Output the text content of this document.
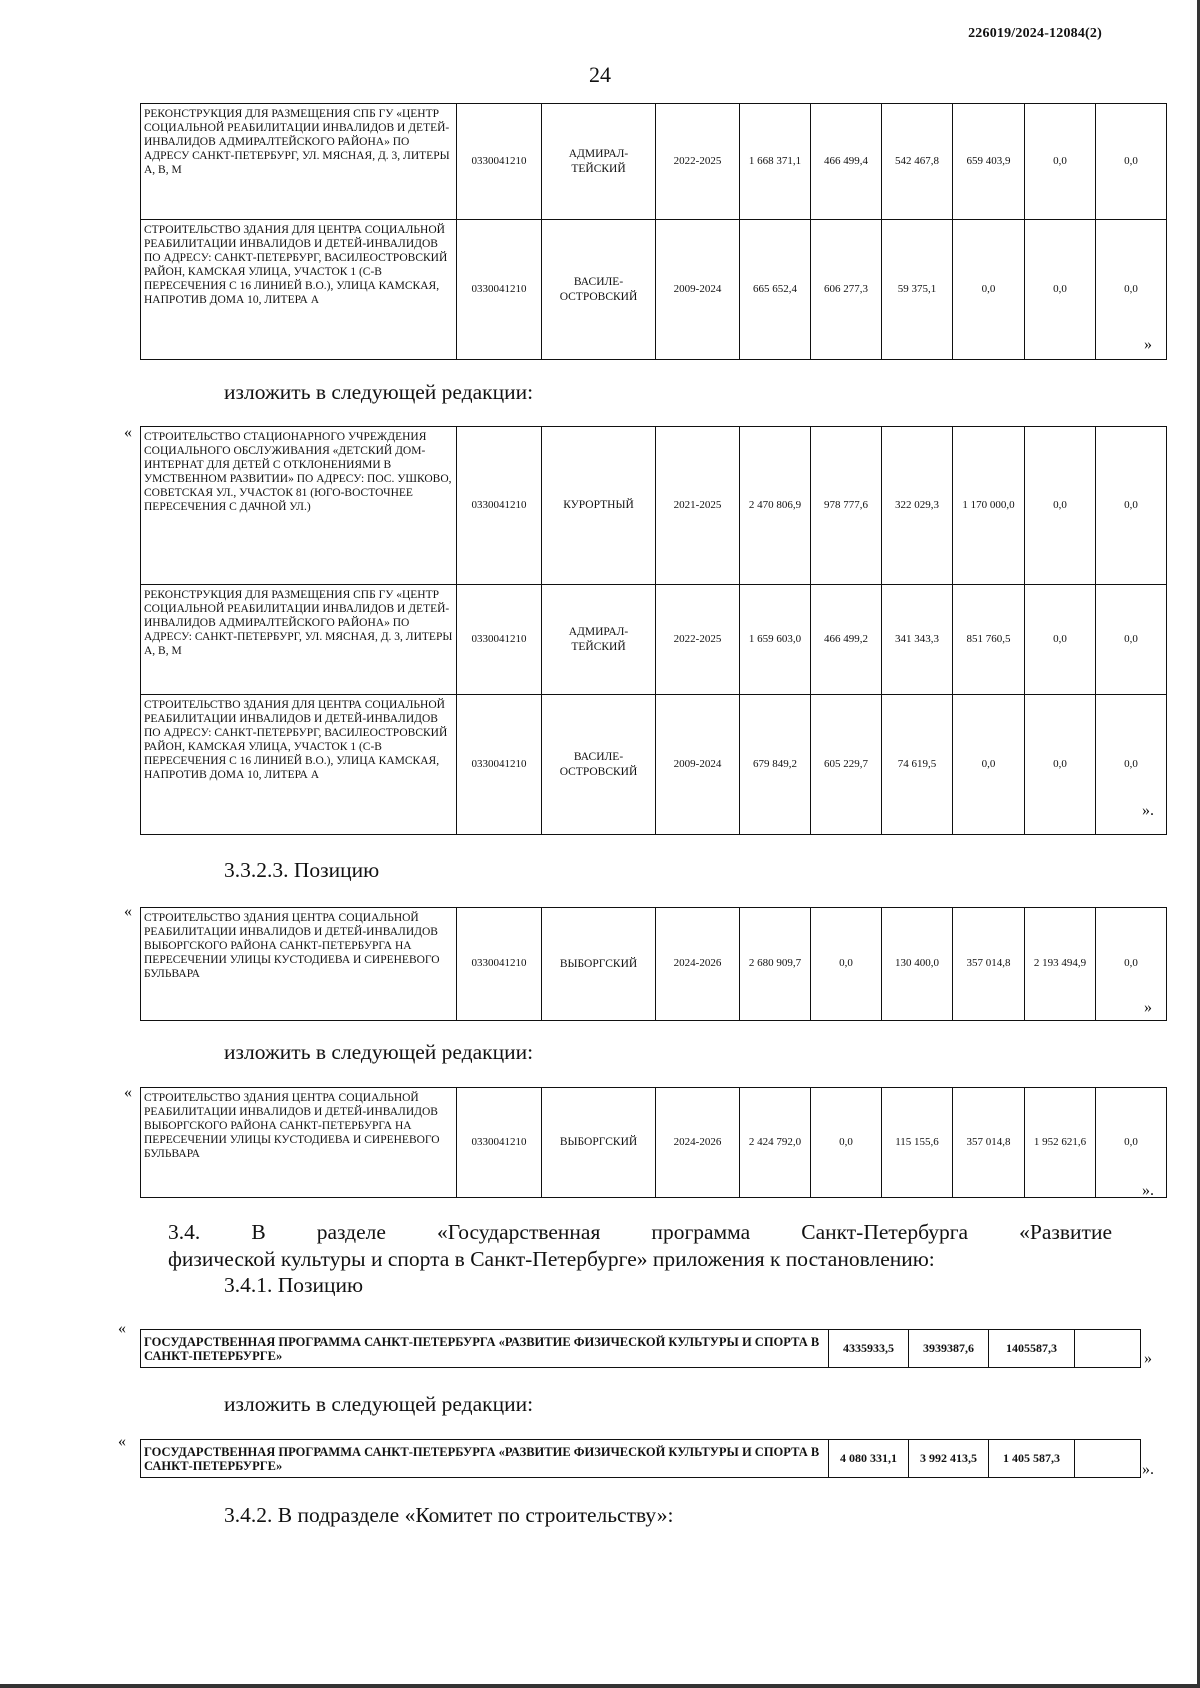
226019/2024-12084(2)
24
РЕКОНСТРУКЦИЯ ДЛЯ РАЗМЕЩЕНИЯ СПБ ГУ «ЦЕНТР СОЦИАЛЬНОЙ РЕАБИЛИТАЦИИ ИНВАЛИДОВ И ДЕТЕЙ-ИНВАЛИДОВ АДМИРАЛТЕЙСКОГО РАЙОНА» ПО АДРЕСУ САНКТ-ПЕТЕРБУРГ, УЛ. МЯСНАЯ, Д. 3, ЛИТЕРЫ А, В, М	0330041210	АДМИРАЛ-ТЕЙСКИЙ	2022-2025	1 668 371,1	466 499,4	542 467,8	659 403,9	0,0	0,0
СТРОИТЕЛЬСТВО ЗДАНИЯ ДЛЯ ЦЕНТРА СОЦИАЛЬНОЙ РЕАБИЛИТАЦИИ ИНВАЛИДОВ И ДЕТЕЙ-ИНВАЛИДОВ ПО АДРЕСУ: САНКТ-ПЕТЕРБУРГ, ВАСИЛЕОСТРОВСКИЙ РАЙОН, КАМСКАЯ УЛИЦА, УЧАСТОК 1 (С-В ПЕРЕСЕЧЕНИЯ С 16 ЛИНИЕЙ В.О.), УЛИЦА КАМСКАЯ, НАПРОТИВ ДОМА 10, ЛИТЕРА А	0330041210	ВАСИЛЕ-ОСТРОВСКИЙ	2009-2024	665 652,4	606 277,3	59 375,1	0,0	0,0	0,0
»
изложить в следующей редакции:
« СТРОИТЕЛЬСТВО СТАЦИОНАРНОГО УЧРЕЖДЕНИЯ СОЦИАЛЬНОГО ОБСЛУЖИВАНИЯ «ДЕТСКИЙ ДОМ-ИНТЕРНАТ ДЛЯ ДЕТЕЙ С ОТКЛОНЕНИЯМИ В УМСТВЕННОМ РАЗВИТИИ» ПО АДРЕСУ: ПОС. УШКОВО, СОВЕТСКАЯ УЛ., УЧАСТОК 81 (ЮГО-ВОСТОЧНЕЕ ПЕРЕСЕЧЕНИЯ С ДАЧНОЙ УЛ.)	0330041210	КУРОРТНЫЙ	2021-2025	2 470 806,9	978 777,6	322 029,3	1 170 000,0	0,0	0,0
РЕКОНСТРУКЦИЯ ДЛЯ РАЗМЕЩЕНИЯ СПБ ГУ «ЦЕНТР СОЦИАЛЬНОЙ РЕАБИЛИТАЦИИ ИНВАЛИДОВ И ДЕТЕЙ-ИНВАЛИДОВ АДМИРАЛТЕЙСКОГО РАЙОНА» ПО АДРЕСУ: САНКТ-ПЕТЕРБУРГ, УЛ. МЯСНАЯ, Д. 3, ЛИТЕРЫ А, В, М	0330041210	АДМИРАЛ-ТЕЙСКИЙ	2022-2025	1 659 603,0	466 499,2	341 343,3	851 760,5	0,0	0,0
СТРОИТЕЛЬСТВО ЗДАНИЯ ДЛЯ ЦЕНТРА СОЦИАЛЬНОЙ РЕАБИЛИТАЦИИ ИНВАЛИДОВ И ДЕТЕЙ-ИНВАЛИДОВ ПО АДРЕСУ: САНКТ-ПЕТЕРБУРГ, ВАСИЛЕОСТРОВСКИЙ РАЙОН, КАМСКАЯ УЛИЦА, УЧАСТОК 1 (С-В ПЕРЕСЕЧЕНИЯ С 16 ЛИНИЕЙ В.О.), УЛИЦА КАМСКАЯ, НАПРОТИВ ДОМА 10, ЛИТЕРА А	0330041210	ВАСИЛЕ-ОСТРОВСКИЙ	2009-2024	679 849,2	605 229,7	74 619,5	0,0	0,0	0,0
».
3.3.2.3. Позицию
« СТРОИТЕЛЬСТВО ЗДАНИЯ ЦЕНТРА СОЦИАЛЬНОЙ РЕАБИЛИТАЦИИ ИНВАЛИДОВ И ДЕТЕЙ-ИНВАЛИДОВ ВЫБОРГСКОГО РАЙОНА САНКТ-ПЕТЕРБУРГА НА ПЕРЕСЕЧЕНИИ УЛИЦЫ КУСТОДИЕВА И СИРЕНЕВОГО БУЛЬВАРА	0330041210	ВЫБОРГСКИЙ	2024-2026	2 680 909,7	0,0	130 400,0	357 014,8	2 193 494,9	0,0
»
изложить в следующей редакции:
« СТРОИТЕЛЬСТВО ЗДАНИЯ ЦЕНТРА СОЦИАЛЬНОЙ РЕАБИЛИТАЦИИ ИНВАЛИДОВ И ДЕТЕЙ-ИНВАЛИДОВ ВЫБОРГСКОГО РАЙОНА САНКТ-ПЕТЕРБУРГА НА ПЕРЕСЕЧЕНИИ УЛИЦЫ КУСТОДИЕВА И СИРЕНЕВОГО БУЛЬВАРА	0330041210	ВЫБОРГСКИЙ	2024-2026	2 424 792,0	0,0	115 155,6	357 014,8	1 952 621,6	0,0
».
3.4. В разделе «Государственная программа Санкт-Петербурга «Развитие
физической культуры и спорта в Санкт-Петербурге» приложения к постановлению:
3.4.1. Позицию
«
ГОСУДАРСТВЕННАЯ ПРОГРАММА САНКТ-ПЕТЕРБУРГА «РАЗВИТИЕ ФИЗИЧЕСКОЙ КУЛЬТУРЫ И СПОРТА В САНКТ-ПЕТЕРБУРГЕ»	4335933,5	3939387,6	1405587,3	
»
изложить в следующей редакции:
«
ГОСУДАРСТВЕННАЯ ПРОГРАММА САНКТ-ПЕТЕРБУРГА «РАЗВИТИЕ ФИЗИЧЕСКОЙ КУЛЬТУРЫ И СПОРТА В САНКТ-ПЕТЕРБУРГЕ»	4 080 331,1	3 992 413,5	1 405 587,3	
».
3.4.2. В подразделе «Комитет по строительству»:
